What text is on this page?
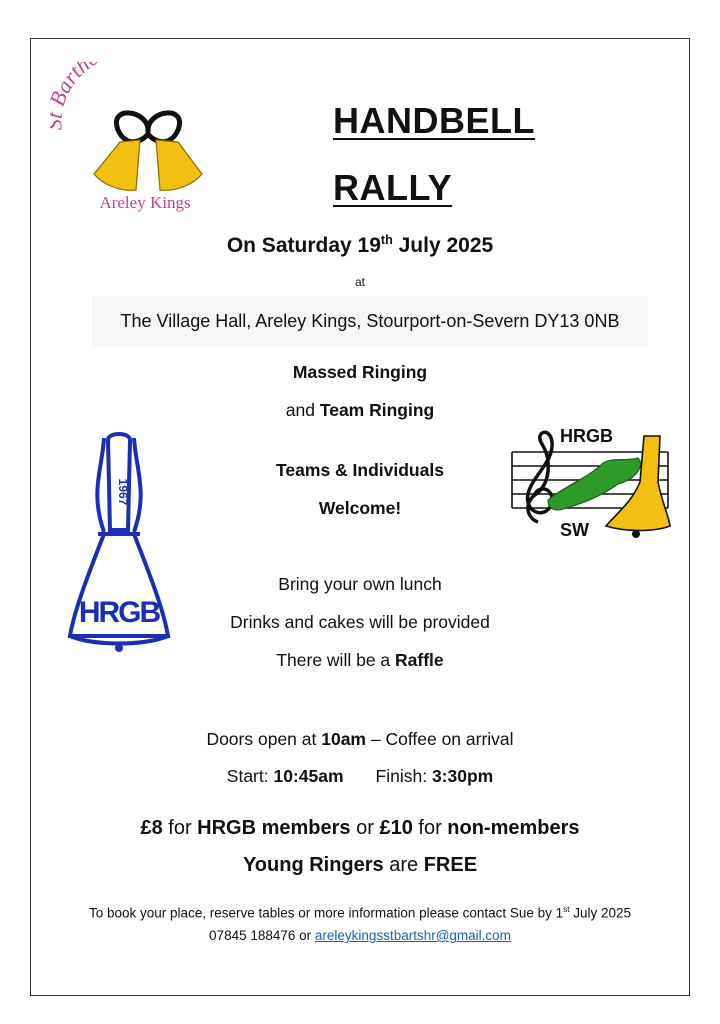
arth
Areley Kings
HANDBELL
RALLY
On Saturday 19th July 2025
at
The Village Hall, Areley Kings, Stourport-on-Severn DY13 0NB
Massed Ringing
and Team Ringing
Teams & Individuals
Welcome!
1967
HRGB
HRGB
SW
Bring your own lunch
Drinks and cakes will be provided
There will be a Raffle
Doors open at 10am – Coffee on arrival
Start: 10:45am Finish: 3:30pm
£8 for HRGB members or £10 for non-members
Young Ringers are FREE
To book your place, reserve tables or more information please contact Sue by 1st July 2025
07845 188476 or areleykingsstbartshr@gmail.com
